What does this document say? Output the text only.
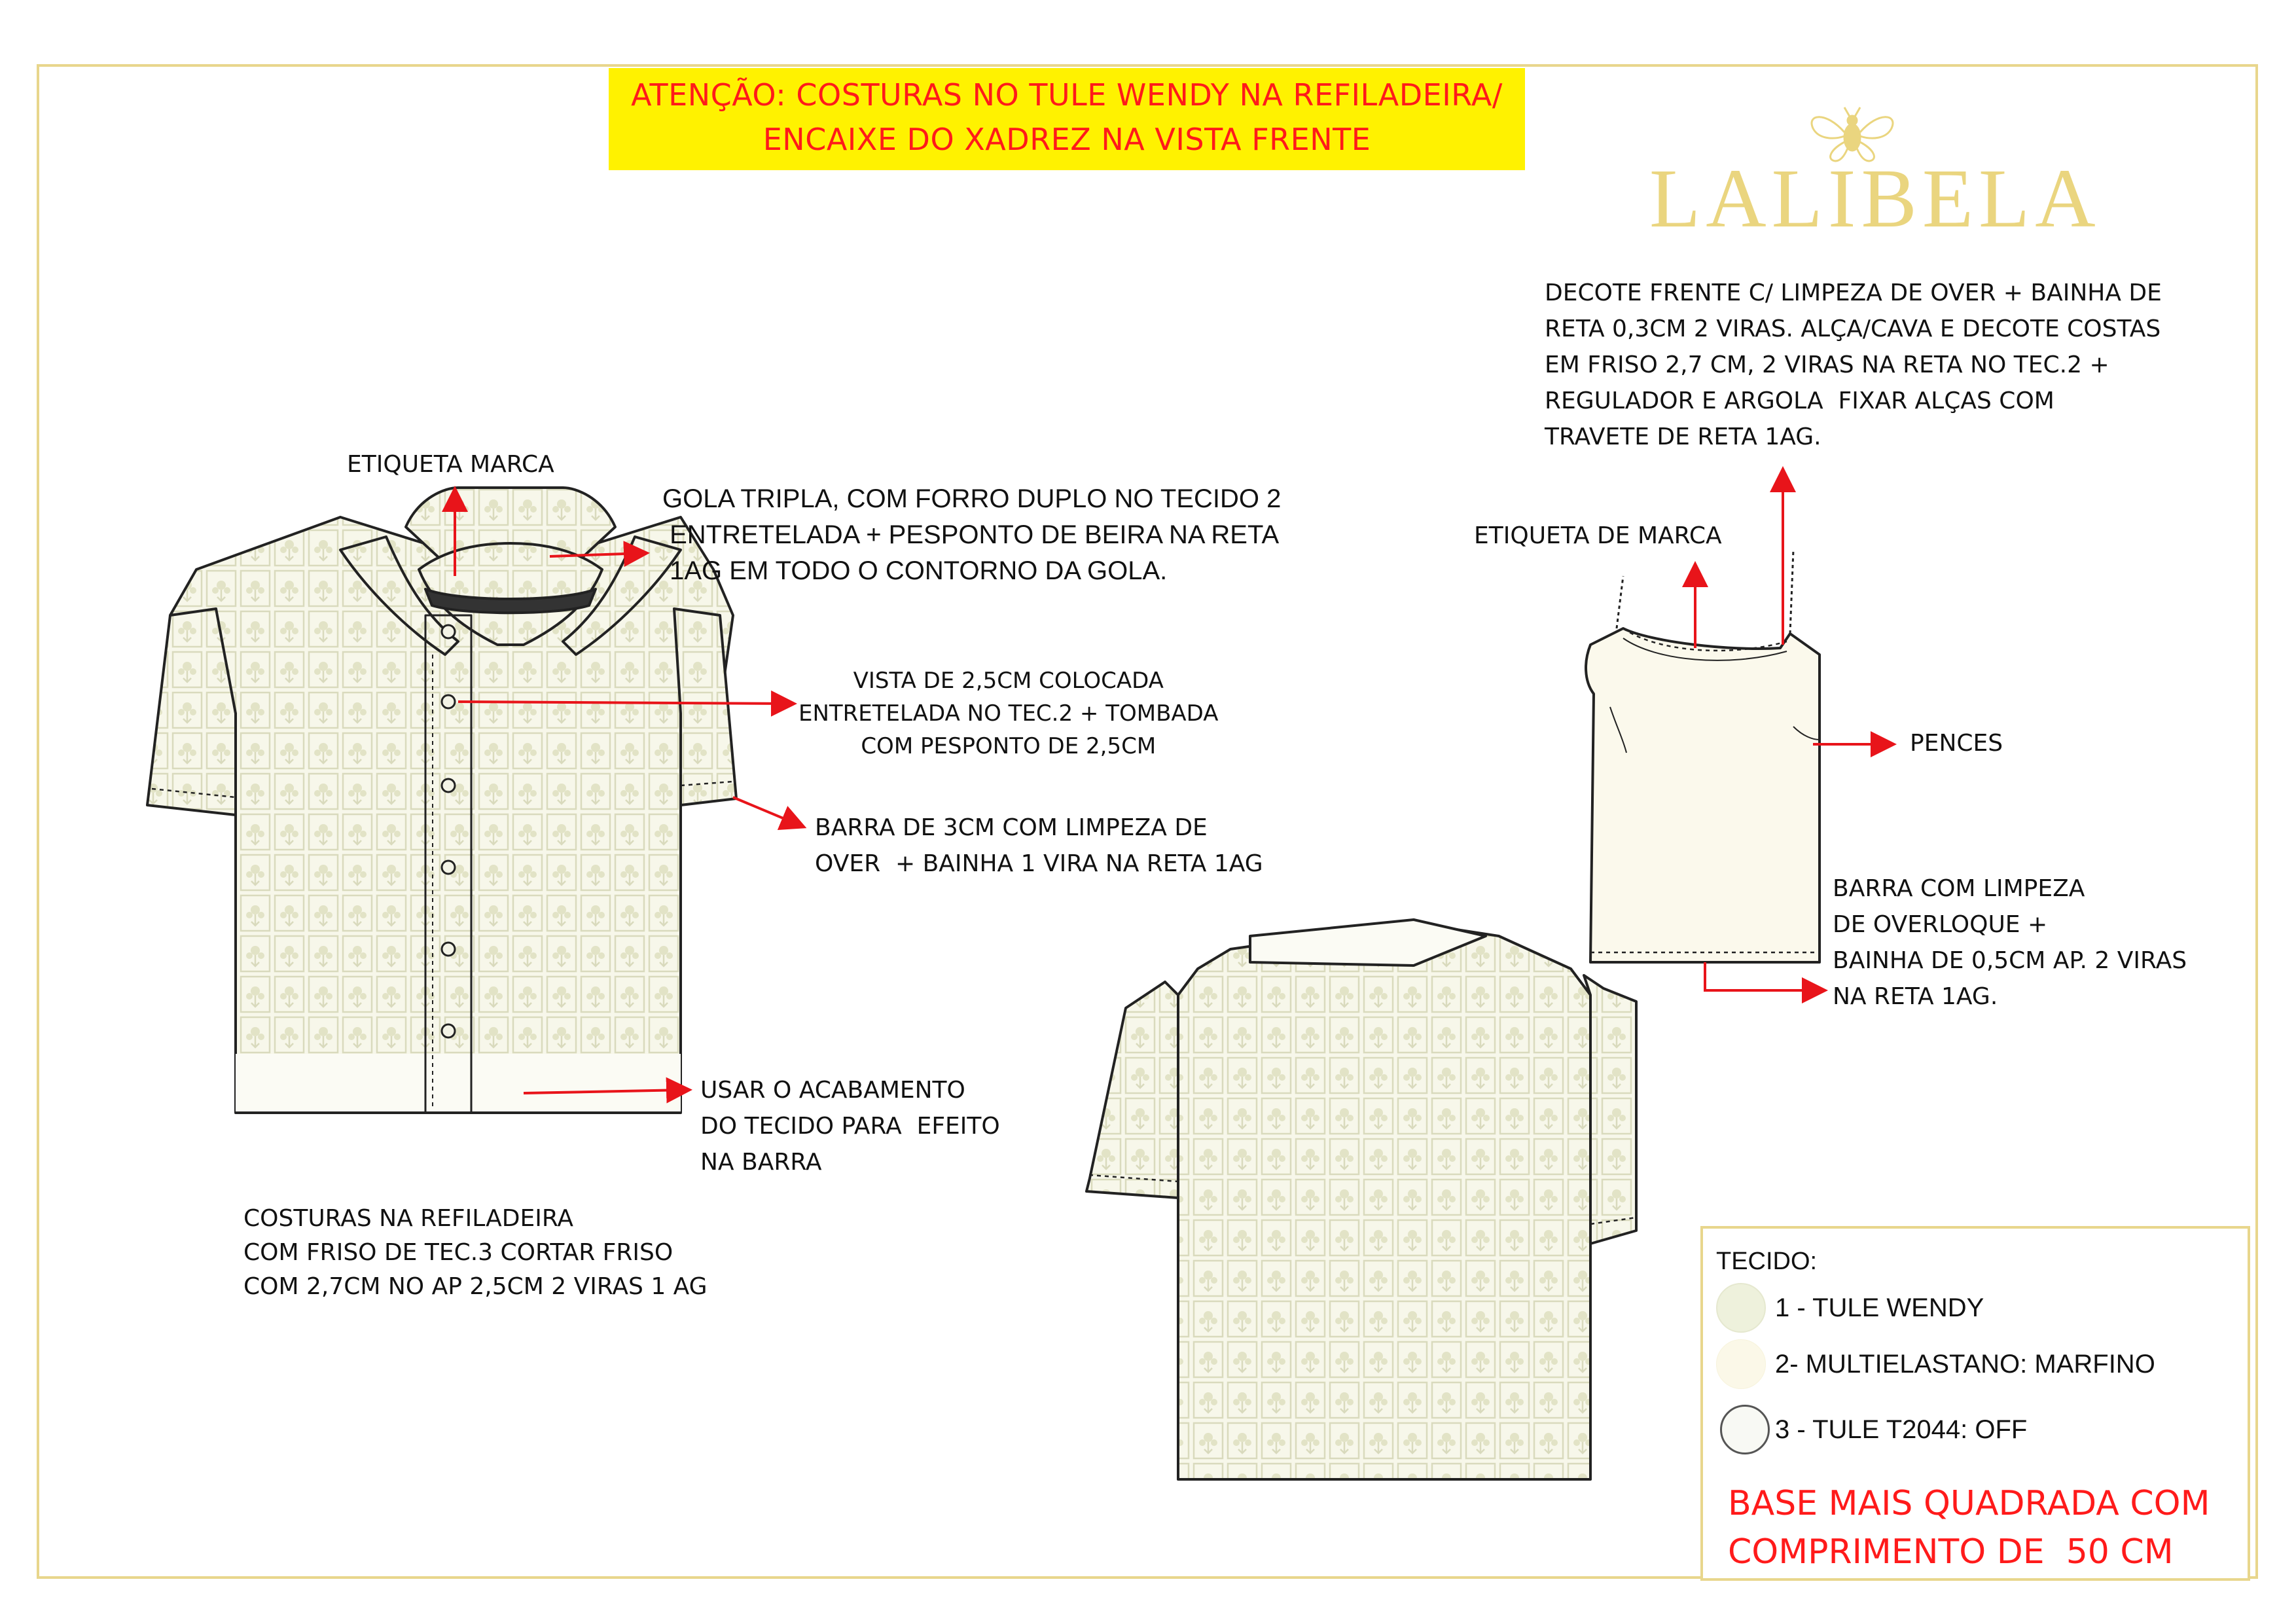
ATENÇÃO: COSTURAS NO TULE WENDY NA REFILADEIRA/
ENCAIXE DO XADREZ NA VISTA FRENTE
LALIBELA
ETIQUETA MARCA
GOLA TRIPLA, COM FORRO DUPLO NO TECIDO 2
ENTRETELADA + PESPONTO DE BEIRA NA RETA
1AG EM TODO O CONTORNO DA GOLA.
VISTA DE 2,5CM COLOCADA
ENTRETELADA NO TEC.2 + TOMBADA
COM PESPONTO DE 2,5CM
BARRA DE 3CM COM LIMPEZA DE
OVER  + BAINHA 1 VIRA NA RETA 1AG
USAR O ACABAMENTO
DO TECIDO PARA  EFEITO
NA BARRA
COSTURAS NA REFILADEIRA
COM FRISO DE TEC.3 CORTAR FRISO
COM 2,7CM NO AP 2,5CM 2 VIRAS 1 AG
DECOTE FRENTE C/ LIMPEZA DE OVER + BAINHA DE
RETA 0,3CM 2 VIRAS. ALÇA/CAVA E DECOTE COSTAS
EM FRISO 2,7 CM, 2 VIRAS NA RETA NO TEC.2 +
REGULADOR E ARGOLA  FIXAR ALÇAS COM
TRAVETE DE RETA 1AG.
ETIQUETA DE MARCA
PENCES
BARRA COM LIMPEZA
DE OVERLOQUE +
BAINHA DE 0,5CM AP. 2 VIRAS
NA RETA 1AG.
TECIDO:
1 - TULE WENDY
2- MULTIELASTANO: MARFINO
3 - TULE T2044: OFF
BASE MAIS QUADRADA COM
COMPRIMENTO DE  50 CM
